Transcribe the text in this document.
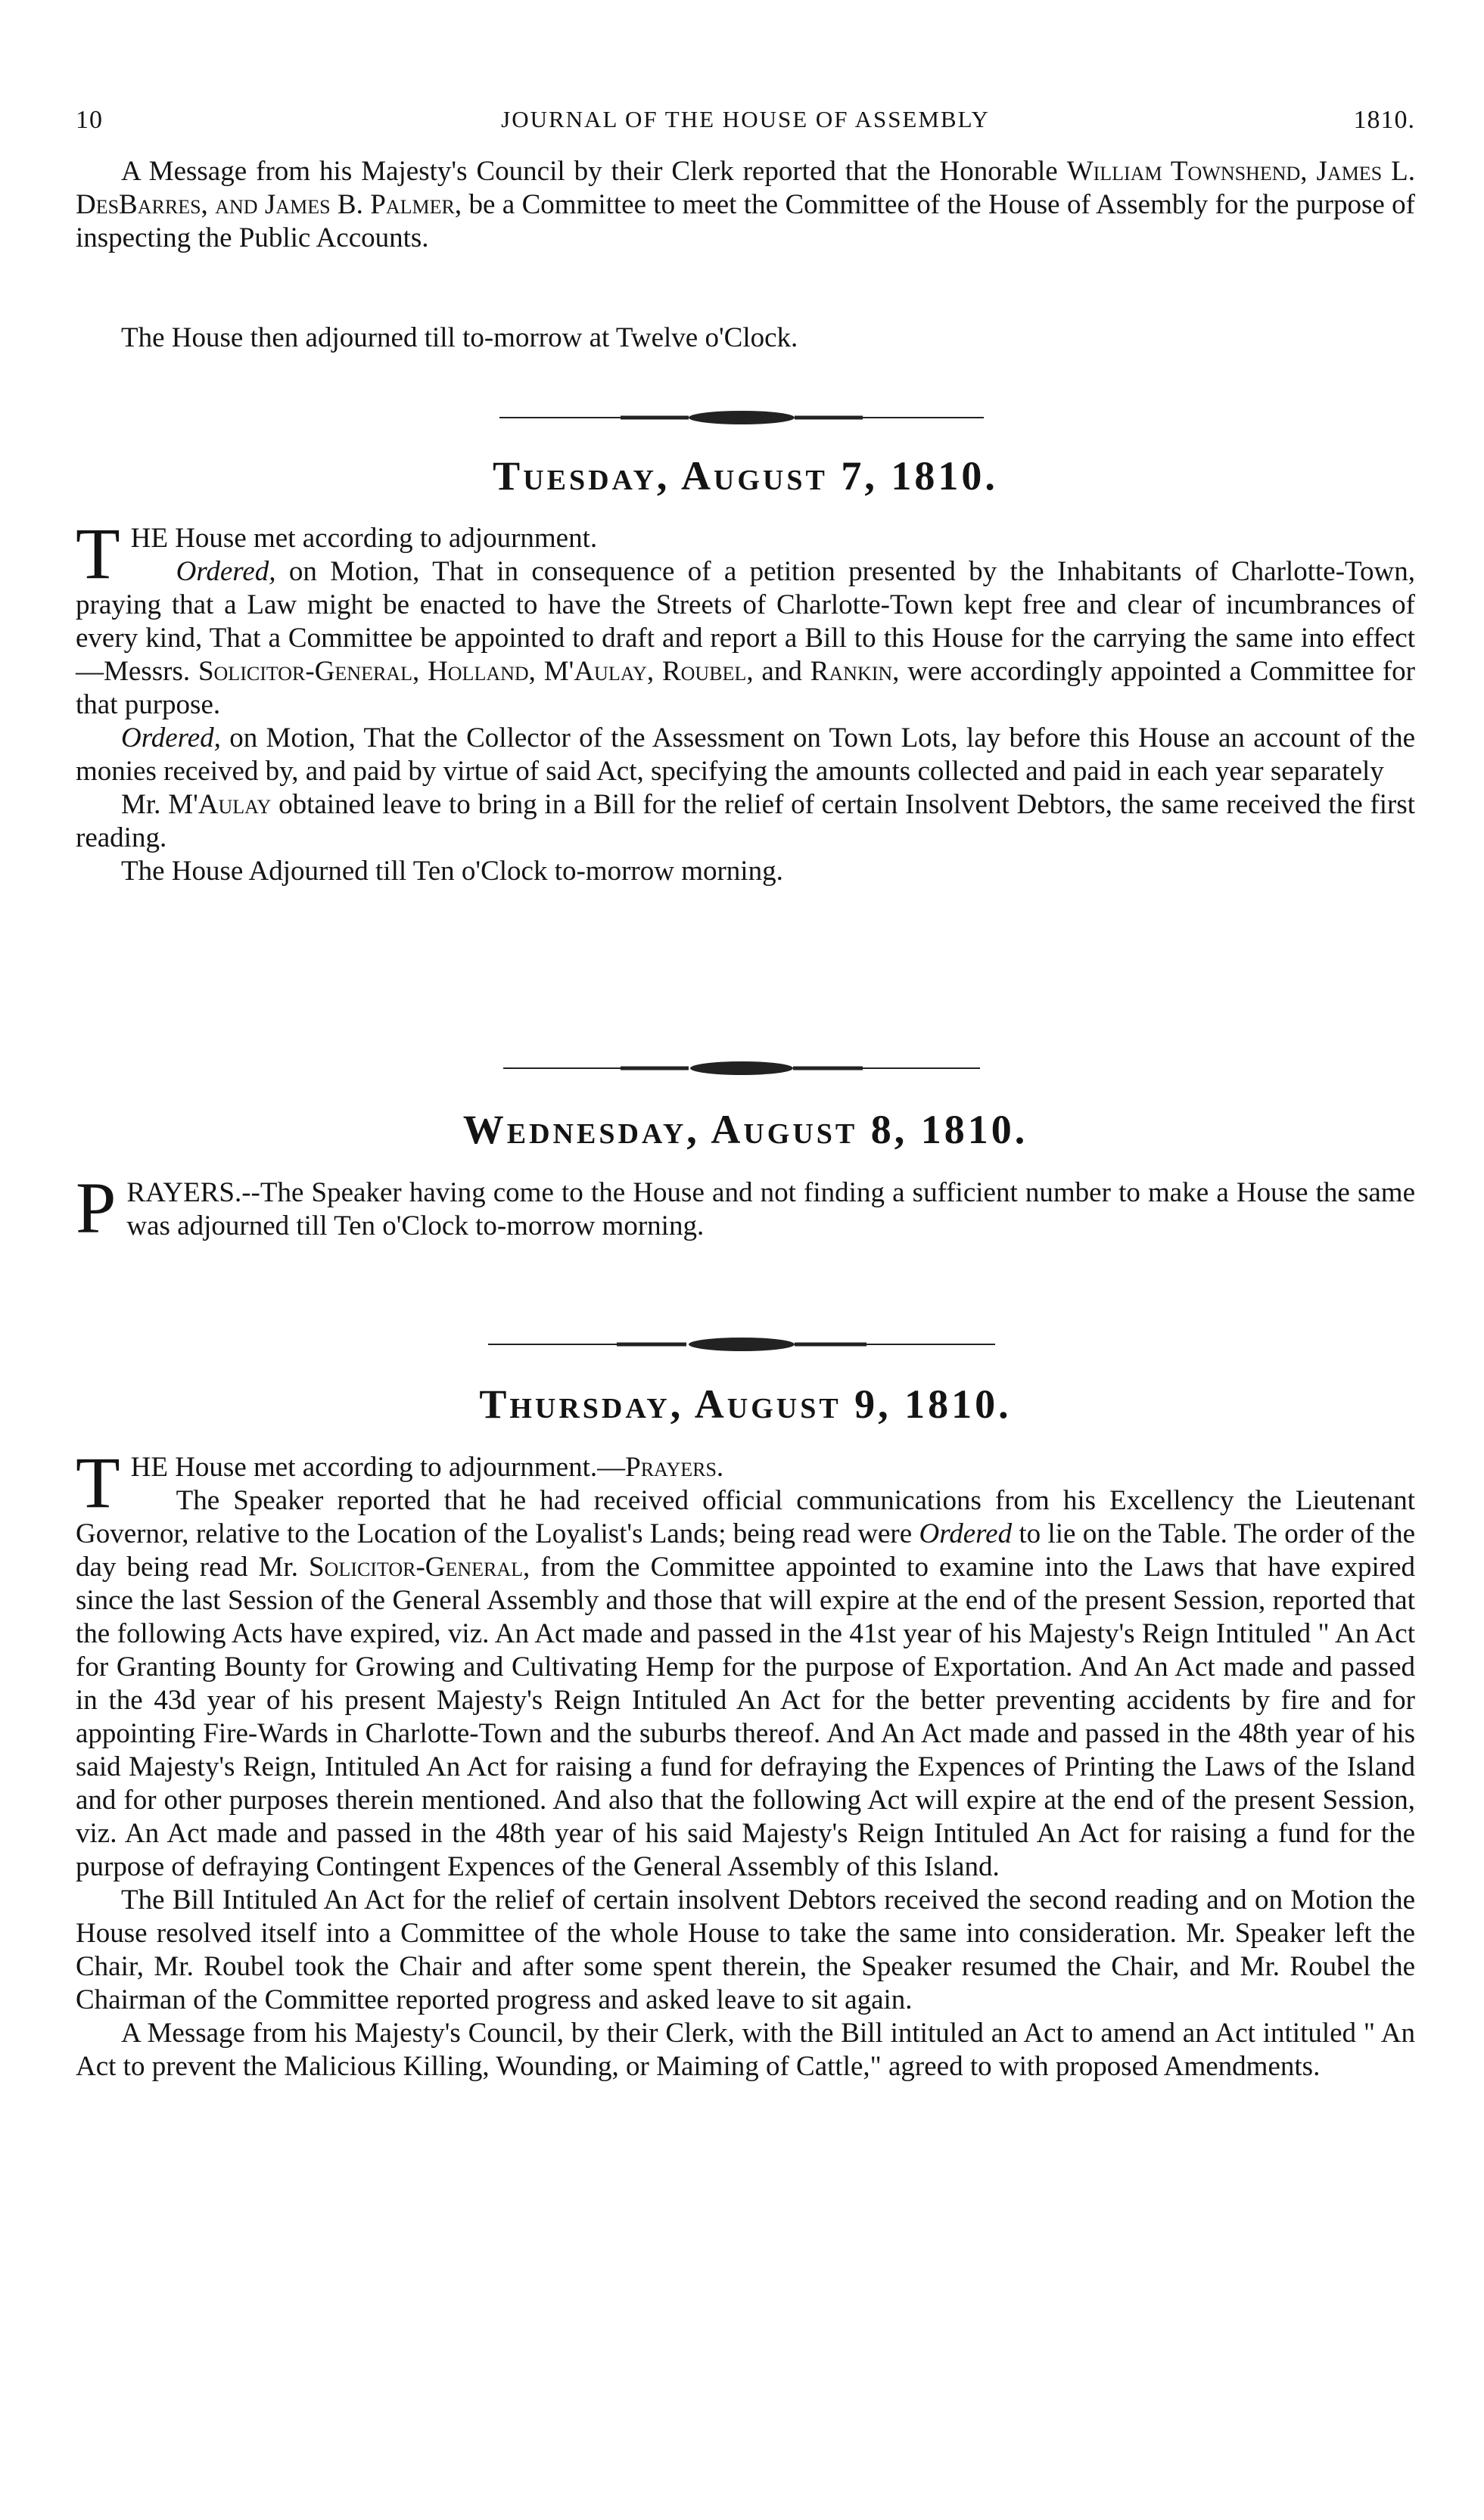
10	JOURNAL OF THE HOUSE OF ASSEMBLY	1810.

A Message from his Majesty's Council by their Clerk reported that the Honorable William Townshend, James L. DesBarres, and James B. Palmer, be a Committee to meet the Committee of the House of Assembly for the purpose of inspecting the Public Accounts.

The House then adjourned till to-morrow at Twelve o'Clock.

Tuesday, August 7, 1810.
THE House met according to adjournment.
Ordered, on Motion, That in consequence of a petition presented by the Inhabitants of Charlotte-Town, praying that a Law might be enacted to have the Streets of Charlotte-Town kept free and clear of incumbrances of every kind, That a Committee be appointed to draft and report a Bill to this House for the carrying the same into effect—Messrs. Solicitor-General, Holland, M'Aulay, Roubel, and Rankin, were accordingly appointed a Committee for that purpose.
Ordered, on Motion, That the Collector of the Assessment on Town Lots, lay before this House an account of the monies received by, and paid by virtue of said Act, specifying the amounts collected and paid in each year separately
Mr. M'Aulay obtained leave to bring in a Bill for the relief of certain Insolvent Debtors, the same received the first reading.
The House Adjourned till Ten o'Clock to-morrow morning.
Wednesday, August 8, 1810.
PRAYERS.--The Speaker having come to the House and not finding a sufficient number to make a House the same was adjourned till Ten o'Clock to-morrow morning.
Thursday, August 9, 1810.
THE House met according to adjournment.—Prayers.
The Speaker reported that he had received official communications from his Excellency the Lieutenant Governor, relative to the Location of the Loyalist's Lands; being read were Ordered to lie on the Table. The order of the day being read Mr. Solicitor-General, from the Committee appointed to examine into the Laws that have expired since the last Session of the General Assembly and those that will expire at the end of the present Session, reported that the following Acts have expired, viz. An Act made and passed in the 41st year of his Majesty's Reign Intituled " An Act for Granting Bounty for Growing and Cultivating Hemp for the purpose of Exportation. And An Act made and passed in the 43d year of his present Majesty's Reign Intituled An Act for the better preventing accidents by fire and for appointing Fire-Wards in Charlotte-Town and the suburbs thereof. And An Act made and passed in the 48th year of his said Majesty's Reign, Intituled An Act for raising a fund for defraying the Expences of Printing the Laws of the Island and for other purposes therein mentioned. And also that the following Act will expire at the end of the present Session, viz. An Act made and passed in the 48th year of his said Majesty's Reign Intituled An Act for raising a fund for the purpose of defraying Contingent Expences of the General Assembly of this Island.
The Bill Intituled An Act for the relief of certain insolvent Debtors received the second reading and on Motion the House resolved itself into a Committee of the whole House to take the same into consideration. Mr. Speaker left the Chair, Mr. Roubel took the Chair and after some spent therein, the Speaker resumed the Chair, and Mr. Roubel the Chairman of the Committee reported progress and asked leave to sit again.
A Message from his Majesty's Council, by their Clerk, with the Bill intituled an Act to amend an Act intituled " An Act to prevent the Malicious Killing, Wounding, or Maiming of Cattle," agreed to with proposed Amendments.
